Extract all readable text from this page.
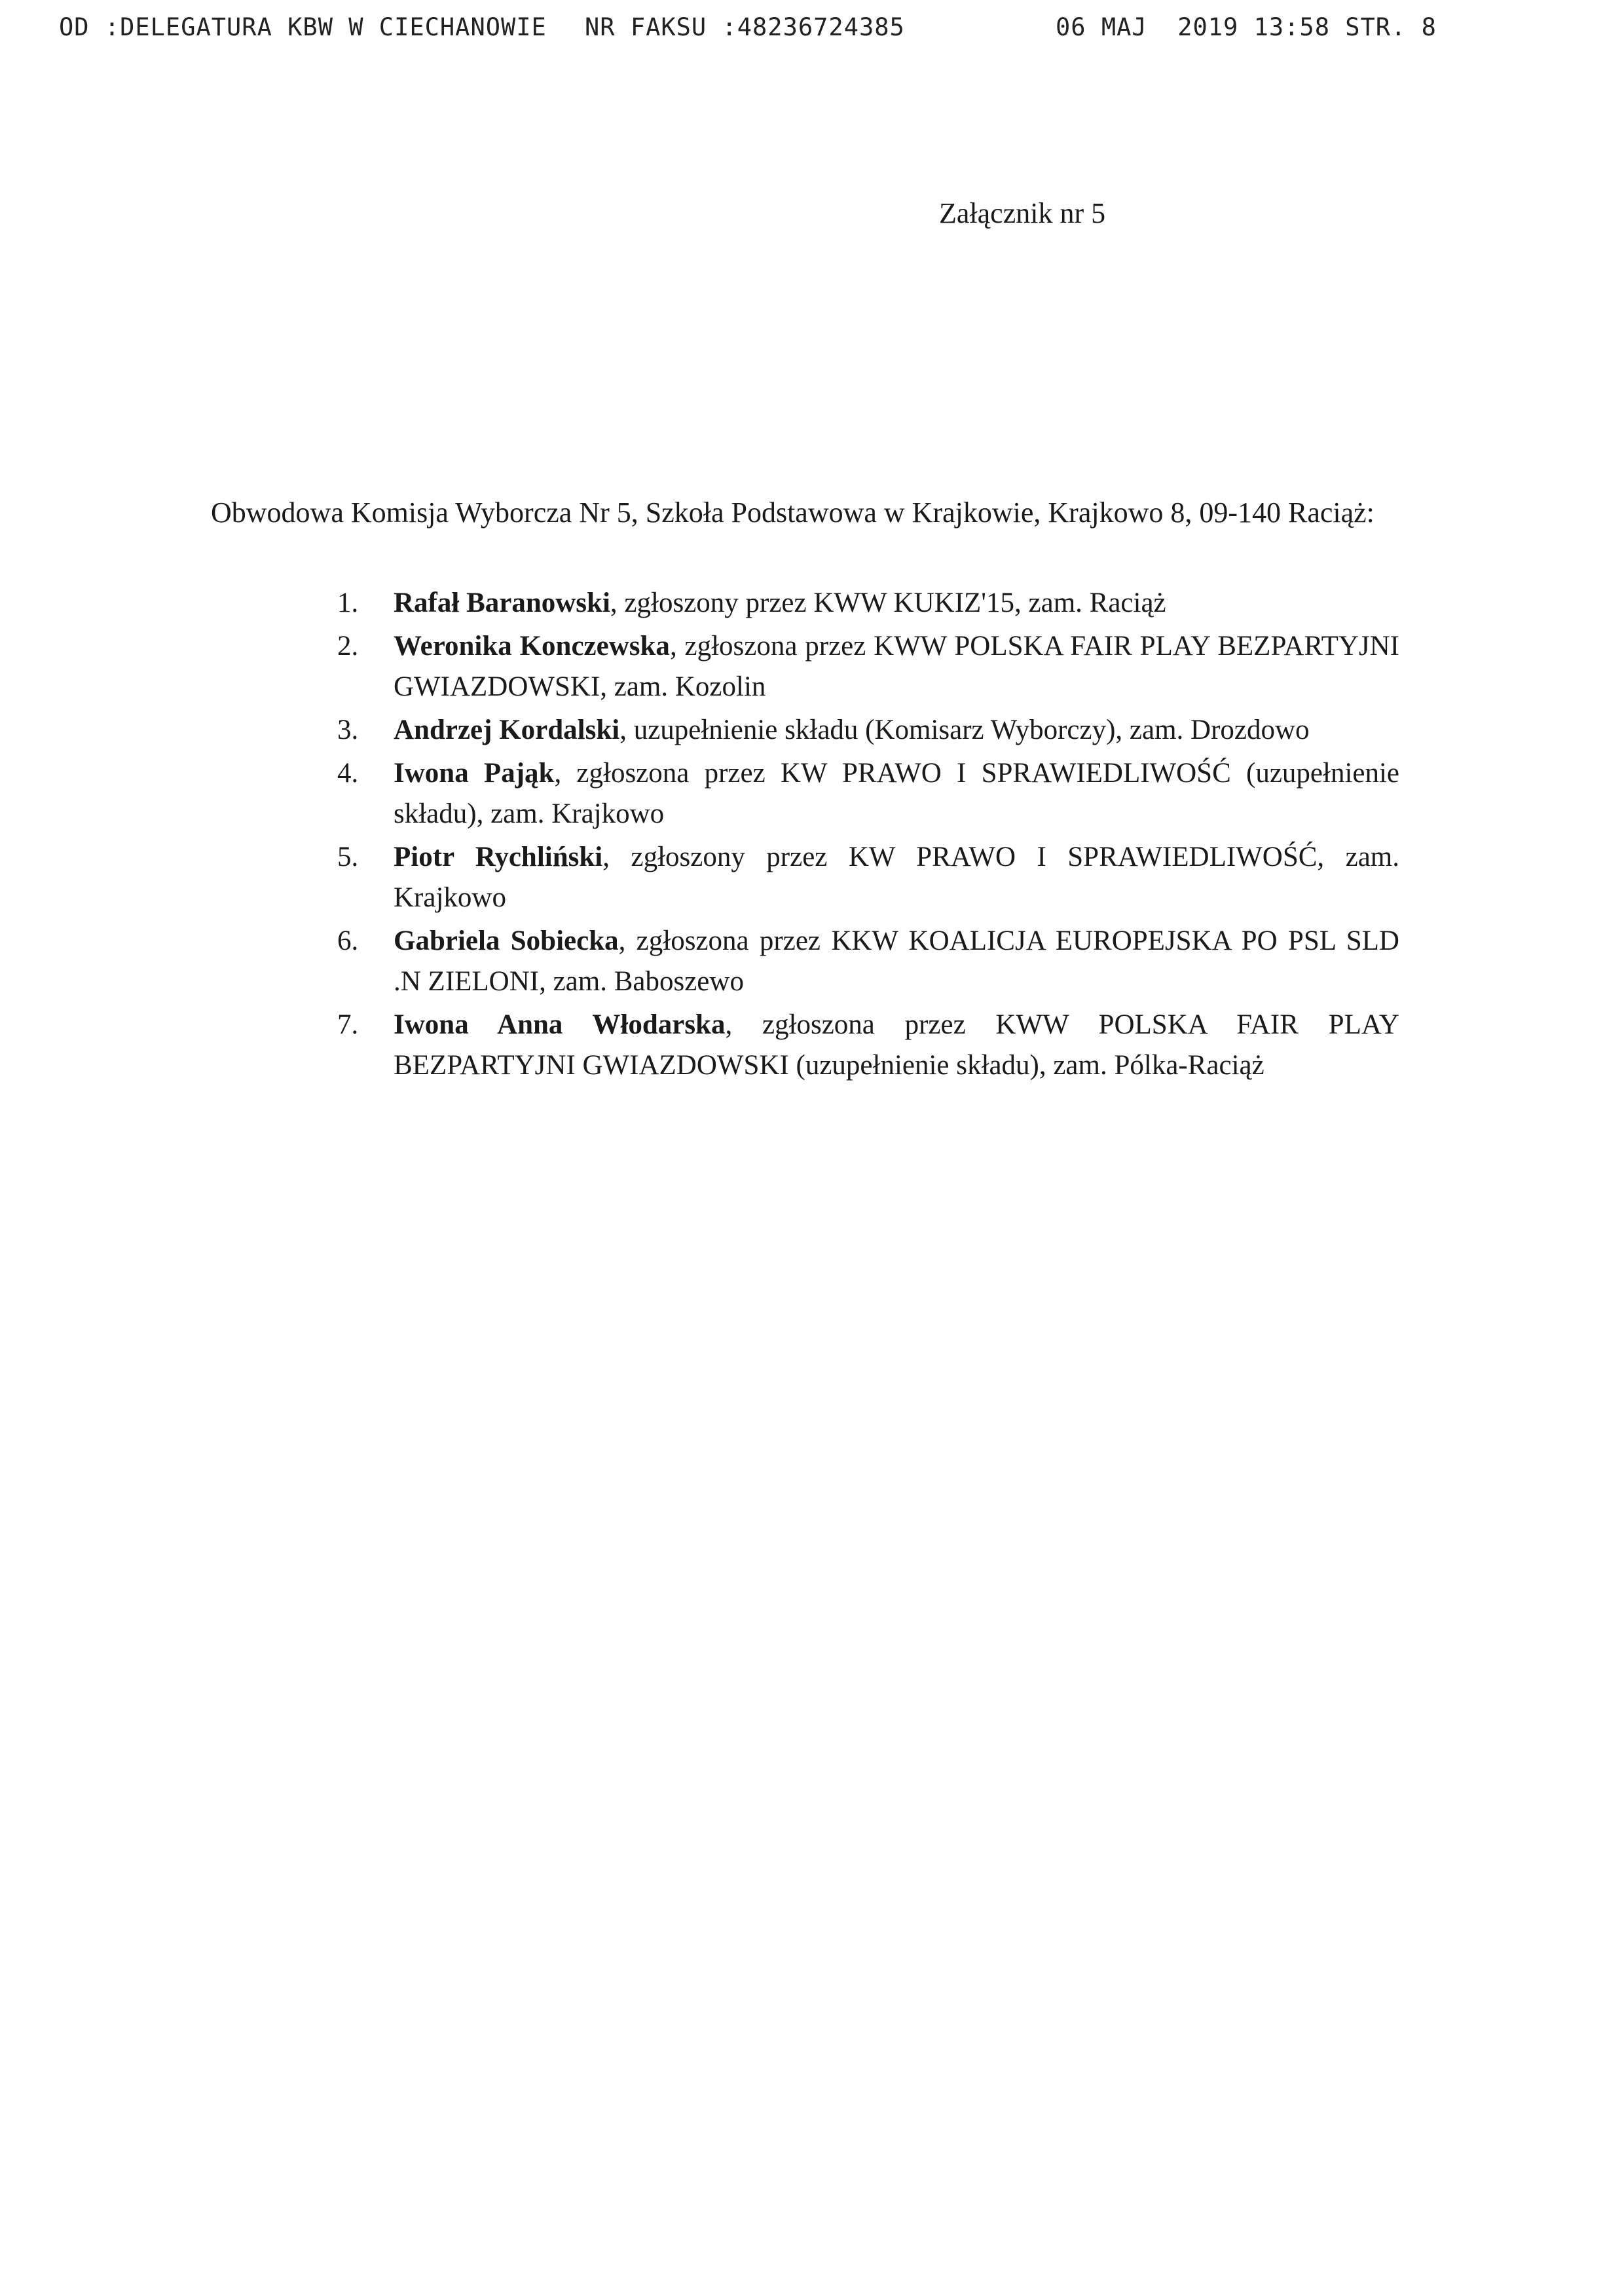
OD :DELEGATURA KBW W CIECHANOWIE

NR FAKSU :48236724385

	06 MAJ  2019 13:58 STR. 8

Załącznik nr 5
Obwodowa Komisja Wyborcza Nr 5, Szkoła Podstawowa w Krajkowie, Krajkowo 8, 09-140 Raciąż:
1. Rafał Baranowski, zgłoszony przez KWW KUKIZ'15, zam. Raciąż
2. Weronika Konczewska, zgłoszona przez KWW POLSKA FAIR PLAY BEZPARTYJNI GWIAZDOWSKI, zam. Kozolin
3. Andrzej Kordalski, uzupełnienie składu (Komisarz Wyborczy), zam. Drozdowo
4. Iwona Pająk, zgłoszona przez KW PRAWO I SPRAWIEDLIWOŚĆ (uzupełnienie składu), zam. Krajkowo
5. Piotr Rychliński, zgłoszony przez KW PRAWO I SPRAWIEDLIWOŚĆ, zam. Krajkowo
6. Gabriela Sobiecka, zgłoszona przez KKW KOALICJA EUROPEJSKA PO PSL SLD .N ZIELONI, zam. Baboszewo
7. Iwona Anna Włodarska, zgłoszona przez KWW POLSKA FAIR PLAY BEZPARTYJNI GWIAZDOWSKI (uzupełnienie składu), zam. Pólka-Raciąż
